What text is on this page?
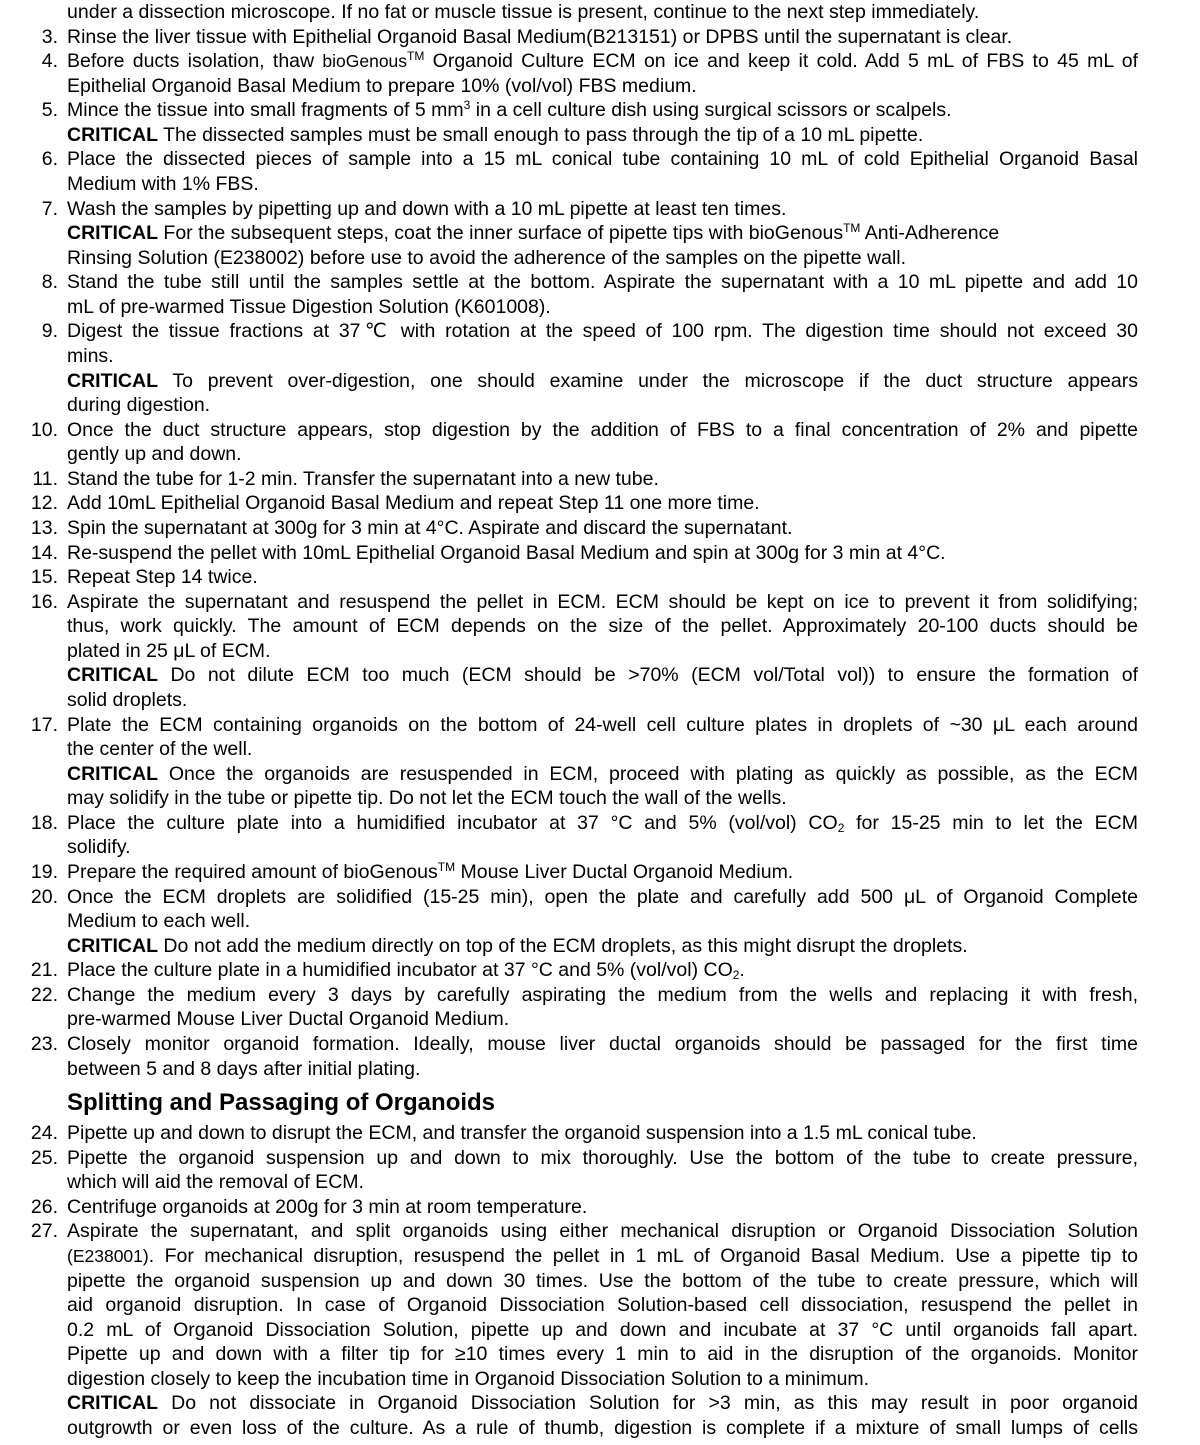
Splitting and Passaging of Organoids
under a dissection microscope. If no fat or muscle tissue is present, continue to the next step immediately.
3. Rinse the liver tissue with Epithelial Organoid Basal Medium(B213151) or DPBS until the supernatant is clear.
4. Before ducts isolation, thaw bioGenous™ Organoid Culture ECM on ice and keep it cold. Add 5 mL of FBS to 45 mL of
Epithelial Organoid Basal Medium to prepare 10% (vol/vol) FBS medium.
5. Mince the tissue into small fragments of 5 $mm^3$ in a cell culture dish using surgical scissors or scalpels.
CRITICAL The dissected samples must be small enough to pass through the tip of a 10 mL pipette.
6. Place the dissected pieces of sample into a 15 mL conical tube containing 10 mL of cold Epithelial Organoid Basal
Medium with 1% FBS.
7. Wash the samples by pipetting up and down with a 10 mL pipette at least ten times.
CRITICAL For the subsequent steps, coat the inner surface of pipette tips with bioGenous™ Anti-Adherence
Rinsing Solution (E238002) before use to avoid the adherence of the samples on the pipette wall.
8. Stand the tube still until the samples settle at the bottom. Aspirate the supernatant with a 10 mL pipette and add 10
mL of pre-warmed Tissue Digestion Solution (K601008).
9. Digest the tissue fractions at 37℃ with rotation at the speed of 100 rpm. The digestion time should not exceed 30
mins.
CRITICAL To prevent over-digestion, one should examine under the microscope if the duct structure appears
during digestion.
10. Once the duct structure appears, stop digestion by the addition of FBS to a final concentration of 2% and pipette
gently up and down.
11. Stand the tube for 1-2 min. Transfer the supernatant into a new tube.
12. Add 10mL Epithelial Organoid Basal Medium and repeat Step 11 one more time.
13. Spin the supernatant at 300g for 3 min at 4°C. Aspirate and discard the supernatant.
14. Re-suspend the pellet with 10mL Epithelial Organoid Basal Medium and spin at 300g for 3 min at 4°C.
15. Repeat Step 14 twice.
16. Aspirate the supernatant and resuspend the pellet in ECM. ECM should be kept on ice to prevent it from solidifying;
thus, work quickly. The amount of ECM depends on the size of the pellet. Approximately 20-100 ducts should be
plated in 25 μL of ECM.
CRITICAL Do not dilute ECM too much (ECM should be >70% (ECM vol/Total vol)) to ensure the formation of
solid droplets.
17. Plate the ECM containing organoids on the bottom of 24-well cell culture plates in droplets of ~30 μL each around
the center of the well.
CRITICAL Once the organoids are resuspended in ECM, proceed with plating as quickly as possible, as the ECM
may solidify in the tube or pipette tip. Do not let the ECM touch the wall of the wells.
18. Place the culture plate into a humidified incubator at 37 °C and 5% (vol/vol) $CO_2$ for 15-25 min to let the ECM
solidify.
19. Prepare the required amount of bioGenous™ Mouse Liver Ductal Organoid Medium.
20. Once the ECM droplets are solidified (15-25 min), open the plate and carefully add 500 μL of Organoid Complete
Medium to each well.
CRITICAL Do not add the medium directly on top of the ECM droplets, as this might disrupt the droplets.
21. Place the culture plate in a humidified incubator at 37 °C and 5% (vol/vol) $CO_2$.
22. Change the medium every 3 days by carefully aspirating the medium from the wells and replacing it with fresh,
pre-warmed Mouse Liver Ductal Organoid Medium.
23. Closely monitor organoid formation. Ideally, mouse liver ductal organoids should be passaged for the first time
between 5 and 8 days after initial plating.
24. Pipette up and down to disrupt the ECM, and transfer the organoid suspension into a 1.5 mL conical tube.
25. Pipette the organoid suspension up and down to mix thoroughly. Use the bottom of the tube to create pressure,
which will aid the removal of ECM.
26. Centrifuge organoids at 200g for 3 min at room temperature.
27. Aspirate the supernatant, and split organoids using either mechanical disruption or Organoid Dissociation Solution
(E238001). For mechanical disruption, resuspend the pellet in 1 mL of Organoid Basal Medium. Use a pipette tip to
pipette the organoid suspension up and down 30 times. Use the bottom of the tube to create pressure, which will
aid organoid disruption. In case of Organoid Dissociation Solution-based cell dissociation, resuspend the pellet in
0.2 mL of Organoid Dissociation Solution, pipette up and down and incubate at 37 °C until organoids fall apart.
Pipette up and down with a filter tip for ≥10 times every 1 min to aid in the disruption of the organoids. Monitor
digestion closely to keep the incubation time in Organoid Dissociation Solution to a minimum.
CRITICAL Do not dissociate in Organoid Dissociation Solution for >3 min, as this may result in poor organoid
outgrowth or even loss of the culture. As a rule of thumb, digestion is complete if a mixture of small lumps of cells
